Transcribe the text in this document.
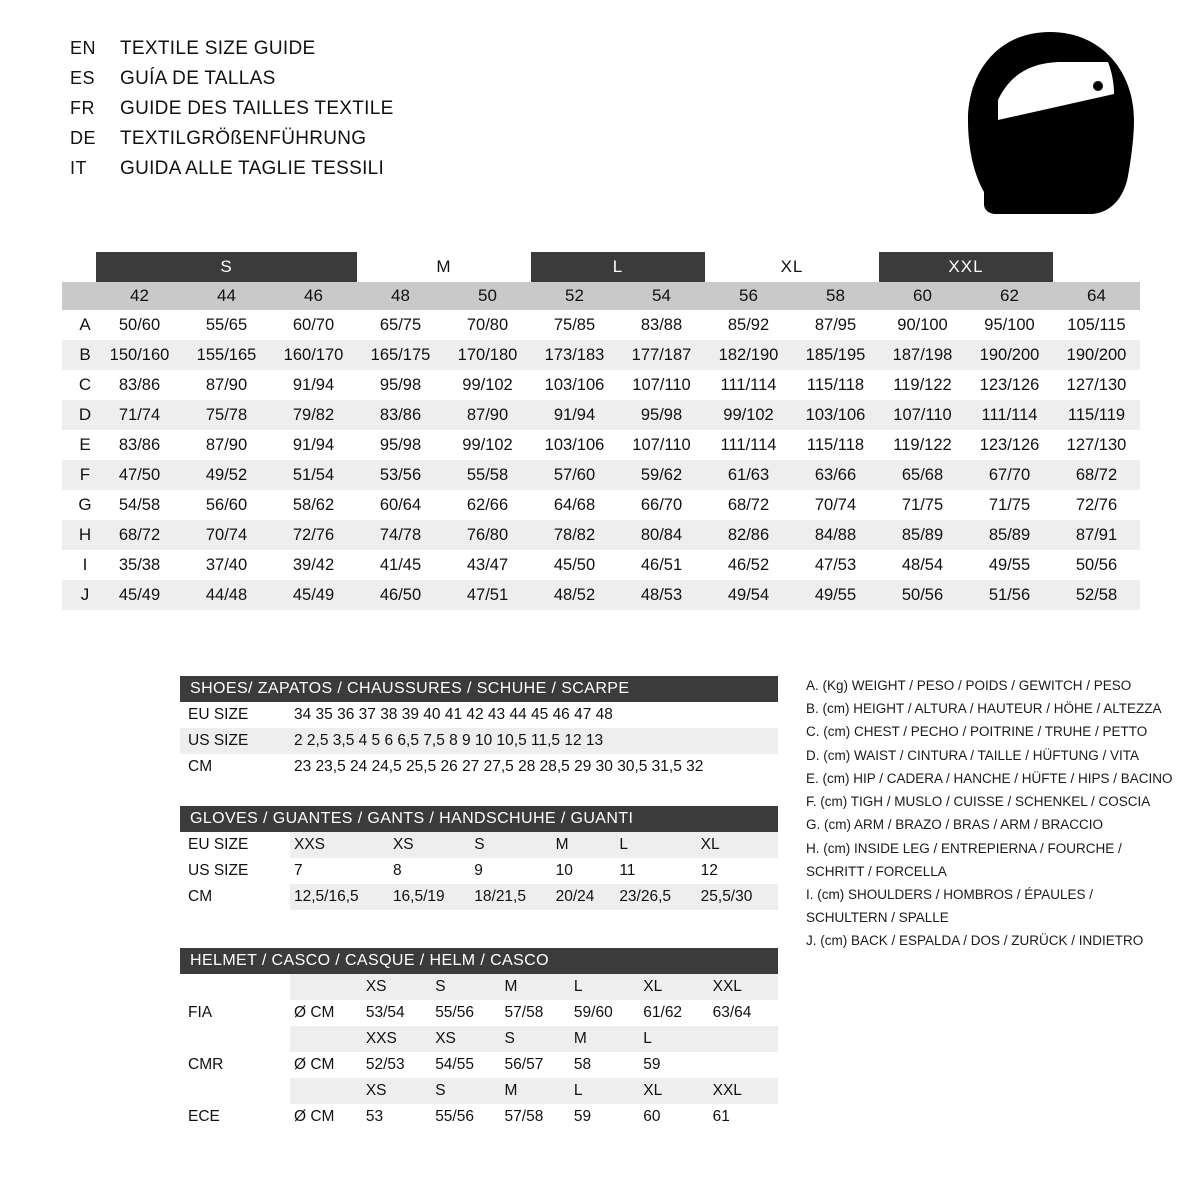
EN	TEXTILE SIZE GUIDE
ES	GUÍA DE TALLAS
FR	GUIDE DES TAILLES TEXTILE
DE	TEXTILGRÖßENFÜHRUNG
IT	GUIDA ALLE TAGLIE TESSILI
	S			M		L		XL		XXL		
	42	44	46	48	50	52	54	56	58	60	62	64
A	50/60	55/65	60/70	65/75	70/80	75/85	83/88	85/92	87/95	90/100	95/100	105/115
B	150/160	155/165	160/170	165/175	170/180	173/183	177/187	182/190	185/195	187/198	190/200	190/200
C	83/86	87/90	91/94	95/98	99/102	103/106	107/110	111/114	115/118	119/122	123/126	127/130
D	71/74	75/78	79/82	83/86	87/90	91/94	95/98	99/102	103/106	107/110	111/114	115/119
E	83/86	87/90	91/94	95/98	99/102	103/106	107/110	111/114	115/118	119/122	123/126	127/130
F	47/50	49/52	51/54	53/56	55/58	57/60	59/62	61/63	63/66	65/68	67/70	68/72
G	54/58	56/60	58/62	60/64	62/66	64/68	66/70	68/72	70/74	71/75	71/75	72/76
H	68/72	70/74	72/76	74/78	76/80	78/82	80/84	82/86	84/88	85/89	85/89	87/91
I	35/38	37/40	39/42	41/45	43/47	45/50	46/51	46/52	47/53	48/54	49/55	50/56
J	45/49	44/48	45/49	46/50	47/51	48/52	48/53	49/54	49/55	50/56	51/56	52/58
SHOES/ ZAPATOS / CHAUSSURES / SCHUHE / SCARPE
EU SIZE	34 35 36 37 38 39 40 41 42 43 44 45 46 47 48
US SIZE	2 2,5 3,5 4 5 6 6,5 7,5 8 9 10 10,5 11,5 12 13
CM	23 23,5 24 24,5 25,5 26 27 27,5 28 28,5 29 30 30,5 31,5 32
GLOVES / GUANTES / GANTS / HANDSCHUHE / GUANTI
EU SIZE	XXS	XS	S	M	L	XL
US SIZE	7	8	9	10	11	12
CM	12,5/16,5	16,5/19	18/21,5	20/24	23/26,5	25,5/30
HELMET / CASCO / CASQUE / HELM / CASCO
		XS	S	M	L	XL	XXL
FIA	Ø CM	53/54	55/56	57/58	59/60	61/62	63/64
		XXS	XS	S	M	L	
CMR	Ø CM	52/53	54/55	56/57	58	59	
		XS	S	M	L	XL	XXL
ECE	Ø CM	53	55/56	57/58	59	60	61
A. (Kg) WEIGHT / PESO / POIDS / GEWITCH / PESO
B. (cm) HEIGHT / ALTURA / HAUTEUR / HÖHE / ALTEZZA
C. (cm) CHEST / PECHO / POITRINE / TRUHE / PETTO
D. (cm) WAIST / CINTURA / TAILLE / HÜFTUNG / VITA
E. (cm) HIP / CADERA / HANCHE / HÜFTE / HIPS / BACINO
F. (cm) TIGH / MUSLO / CUISSE / SCHENKEL / COSCIA
G. (cm) ARM / BRAZO / BRAS / ARM / BRACCIO
H. (cm) INSIDE LEG / ENTREPIERNA / FOURCHE /
SCHRITT / FORCELLA
I. (cm) SHOULDERS / HOMBROS / ÉPAULES /
SCHULTERN / SPALLE
J. (cm) BACK / ESPALDA / DOS / ZURÜCK / INDIETRO
